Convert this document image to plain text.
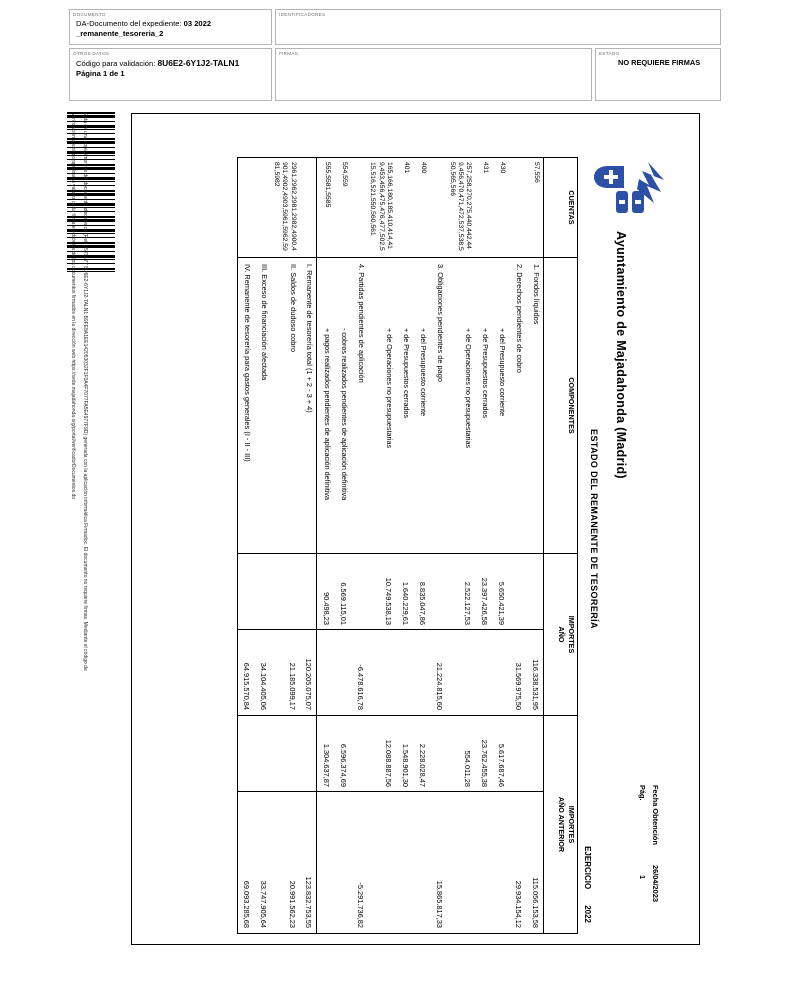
DOCUMENTO
DA-Documento del expediente: 03 2022
_remanente_tesoreria_2
IDENTIFICADORES
OTROS DATOS
Código para validación: 8U6E2-6Y1J2-TALN1
Página 1 de 1
FIRMAS	ESTADO
NO REQUIERE FIRMAS
Esta es una copia impresa del documento electrónico (Ref: 2579177 8U6E2-6Y1J2-TALN1 B9FE8A1EE142053032F1F0A4F7077FA5E4977F9D) generada con la aplicación informática Firmadoc. El documento no requiere firmas. Mediante el código de
verificación podrá comprobar la validez de la firma electrónica de los documentos firmados en la dirección web https://sede.majadahonda.org/portal/verificadorDocumentos.do	Ayuntamiento de Majadahonda (Madrid)
Fecha Obtención
26/04/2023
Pág.
1
ESTADO DEL REMANENTE DE TESORERÍA
EJERCICIO2022
CUENTAS	COMPONENTES	
IMPORTES
AÑO

IMPORTES
AÑO ANTERIOR

57,556	1. Fondos líquidos		116.338.531,95		115.056.153,58
	2. Derechos pendientes de cobro		31.569.975,50		29.934.154,12
430	+ del Presupuesto corriente	5.650.421,39		5.617.687,46	
431	+ de Presupuestos cerrados	23.397.426,58		23.762.455,38	
257,258,270,275,440,442,449,456,470,471,472,537,538,550,565,566	+ de Operaciones no presupuestarias	2.522.127,53		554.011,28	
	3. Obligaciones pendientes de pago		21.224.815,60		15.865.817,33
400	+ del Presupuesto corriente	8.835.047,86		2.228.028,47	
401	+ de Presupuestos cerrados	1.640.229,61		1.548.901,30	
165,166,180,185,410,414,419,453,456,475,476,477,502,515,516,521,550,560,561	+ de Operaciones no presupuestarias	10.749.538,13		12.088.887,56	
	4. Partidas pendientes de aplicación		-6.478.616,78		-5.291.736,82
554,559	- cobros realizados pendientes de aplicación definitiva	6.569.115,01		6.596.374,69	
555,5581,5585	+ pagos realizados pendientes de aplicación definitiva	90.498,23		1.304.637,87	
	I. Remanente de tesorería total (1 + 2 - 3 + 4)		120.205.075,07		123.832.753,55
2961,2962,2981,2982,4900,4901,4902,4903,5961,5962,5981,5982	II. Saldos de dudoso cobro		21.185.099,17		20.991.562,23
	III. Exceso de financiación afectada		34.104.405,06		33.747.905,64
	IV. Remanente de tesorería para gastos generales (I - II - III)		64.915.570,84		69.093.285,68
